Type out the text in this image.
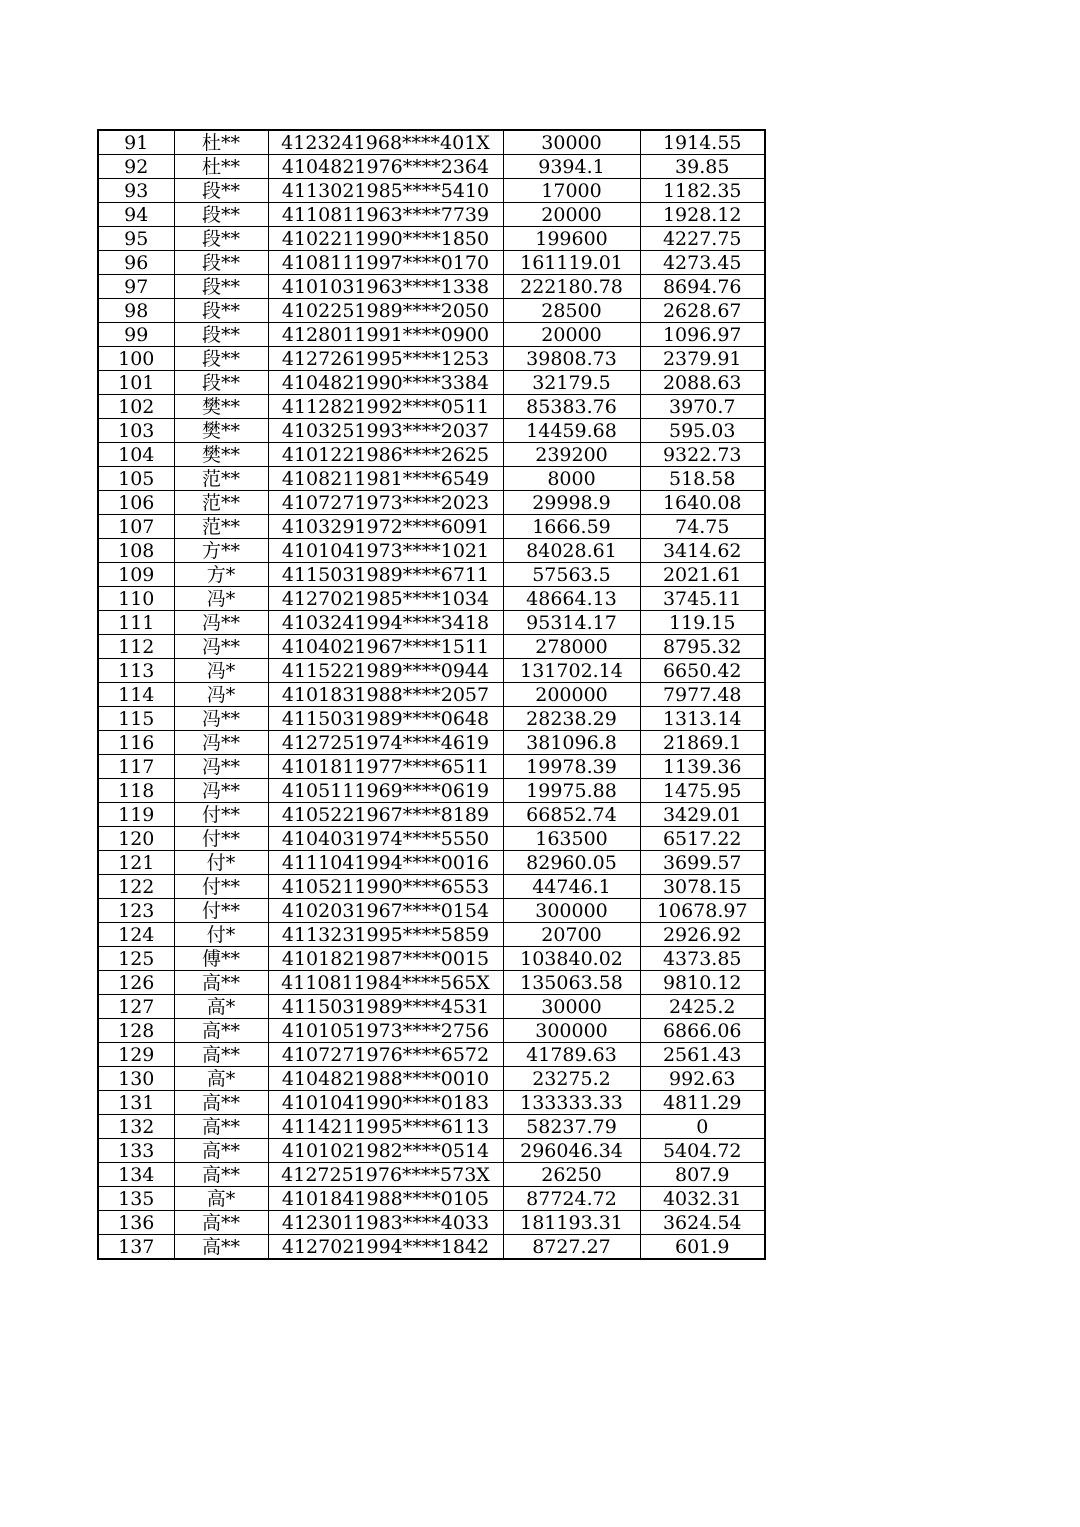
91	杜**	4123241968****401X	30000	1914.55
92	杜**	4104821976****2364	9394.1	39.85
93	段**	4113021985****5410	17000	1182.35
94	段**	4110811963****7739	20000	1928.12
95	段**	4102211990****1850	199600	4227.75
96	段**	4108111997****0170	161119.01	4273.45
97	段**	4101031963****1338	222180.78	8694.76
98	段**	4102251989****2050	28500	2628.67
99	段**	4128011991****0900	20000	1096.97
100	段**	4127261995****1253	39808.73	2379.91
101	段**	4104821990****3384	32179.5	2088.63
102	樊**	4112821992****0511	85383.76	3970.7
103	樊**	4103251993****2037	14459.68	595.03
104	樊**	4101221986****2625	239200	9322.73
105	范**	4108211981****6549	8000	518.58
106	范**	4107271973****2023	29998.9	1640.08
107	范**	4103291972****6091	1666.59	74.75
108	方**	4101041973****1021	84028.61	3414.62
109	方*	4115031989****6711	57563.5	2021.61
110	冯*	4127021985****1034	48664.13	3745.11
111	冯**	4103241994****3418	95314.17	119.15
112	冯**	4104021967****1511	278000	8795.32
113	冯*	4115221989****0944	131702.14	6650.42
114	冯*	4101831988****2057	200000	7977.48
115	冯**	4115031989****0648	28238.29	1313.14
116	冯**	4127251974****4619	381096.8	21869.1
117	冯**	4101811977****6511	19978.39	1139.36
118	冯**	4105111969****0619	19975.88	1475.95
119	付**	4105221967****8189	66852.74	3429.01
120	付**	4104031974****5550	163500	6517.22
121	付*	4111041994****0016	82960.05	3699.57
122	付**	4105211990****6553	44746.1	3078.15
123	付**	4102031967****0154	300000	10678.97
124	付*	4113231995****5859	20700	2926.92
125	傅**	4101821987****0015	103840.02	4373.85
126	高**	4110811984****565X	135063.58	9810.12
127	高*	4115031989****4531	30000	2425.2
128	高**	4101051973****2756	300000	6866.06
129	高**	4107271976****6572	41789.63	2561.43
130	高*	4104821988****0010	23275.2	992.63
131	高**	4101041990****0183	133333.33	4811.29
132	高**	4114211995****6113	58237.79	0
133	高**	4101021982****0514	296046.34	5404.72
134	高**	4127251976****573X	26250	807.9
135	高*	4101841988****0105	87724.72	4032.31
136	高**	4123011983****4033	181193.31	3624.54
137	高**	4127021994****1842	8727.27	601.9
